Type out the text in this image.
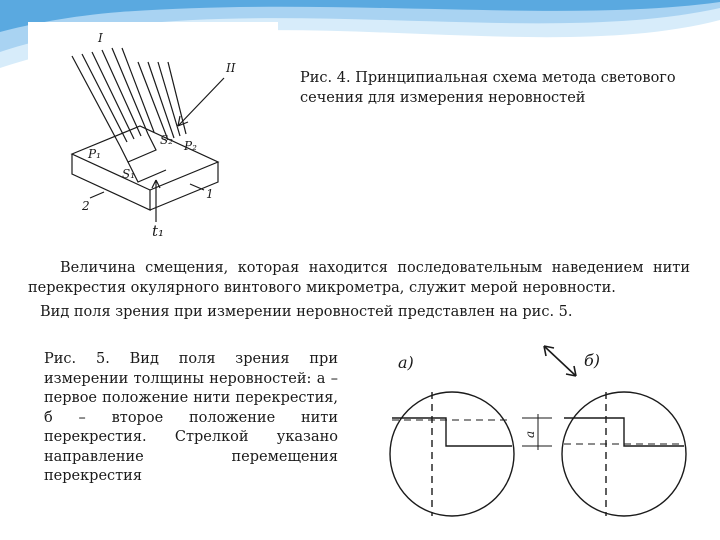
I
II
P₁
P₂
S₂
S₁
1
2
t₁
Рис. 4. Принципиальная схема метода светового сечения для измерения неровностей
Величина смещения, которая находится последовательным наведением нити перекрестия окулярного винтового микрометра, служит мерой неровности.
Вид поля зрения при измерении неровностей представлен на рис. 5.
Рис. 5. Вид поля зрения при измерении толщины неровностей: а – первое положение нити перекрестия, б – второе положение нити перекрестия. Стрелкой указано направление перемещения перекрестия
а)	б)
а
